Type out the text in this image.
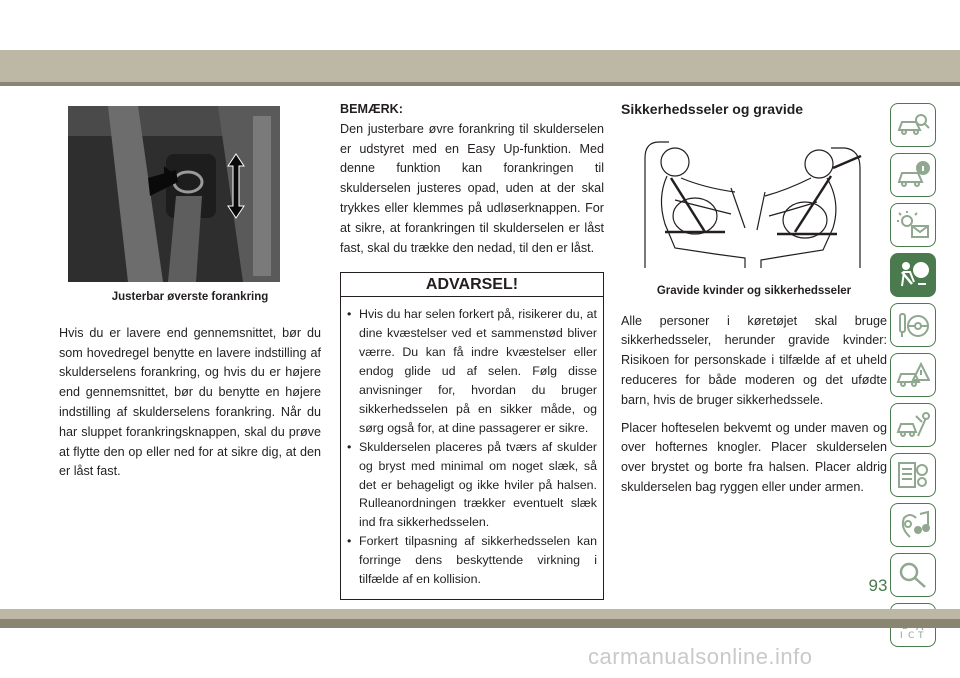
Justerbar øverste forankring

Hvis du er lavere end gennemsnittet, bør du som hovedregel benytte en lavere indstilling af skulderselens forankring, og hvis du er højere end gennemsnittet, bør du benytte en højere indstilling af skulderselens forankring. Når du har sluppet forankringsknappen, skal du prøve at flytte den op eller ned for at sikre dig, at den er låst fast.

BEMÆRK:

Den justerbare øvre forankring til skulderselen er udstyret med en Easy Up-funktion. Med denne funktion kan forankringen til skulderselen justeres opad, uden at der skal trykkes eller klemmes på udløserknappen. For at sikre, at forankringen til skulderselen er låst fast, skal du trække den nedad, til den er låst.

ADVARSEL!
• Hvis du har selen forkert på, risikerer du, at dine kvæstelser ved et sammenstød bliver værre. Du kan få indre kvæstelser eller endog glide ud af selen. Følg disse anvisninger for, hvordan du bruger sikkerhedsselen på en sikker måde, og sørg også for, at dine passagerer er sikre.
• Skulderselen placeres på tværs af skulder og bryst med minimal om noget slæk, så det er behageligt og ikke hviler på halsen. Rulleanordningen trækker eventuelt slæk ind fra sikkerhedsselen.
• Forkert tilpasning af sikkerhedsselen kan forringe dens beskyttende virkning i tilfælde af en kollision.
Sikkerhedsseler og gravide
Gravide kvinder og sikkerhedsseler

Alle personer i køretøjet skal bruge sikkerhedsseler, herunder gravide kvinder: Risikoen for personskade i tilfælde af et uheld reduceres for både moderen og det ufødte barn, hvis de bruger sikkerhedssele.

Placer hofteselen bekvemt og under maven og over hofternes knogler. Placer skulderselen over brystet og borte fra halsen. Placer aldrig skulderselen bag ryggen eller under armen.

I C T
93
carmanualsonline.info
